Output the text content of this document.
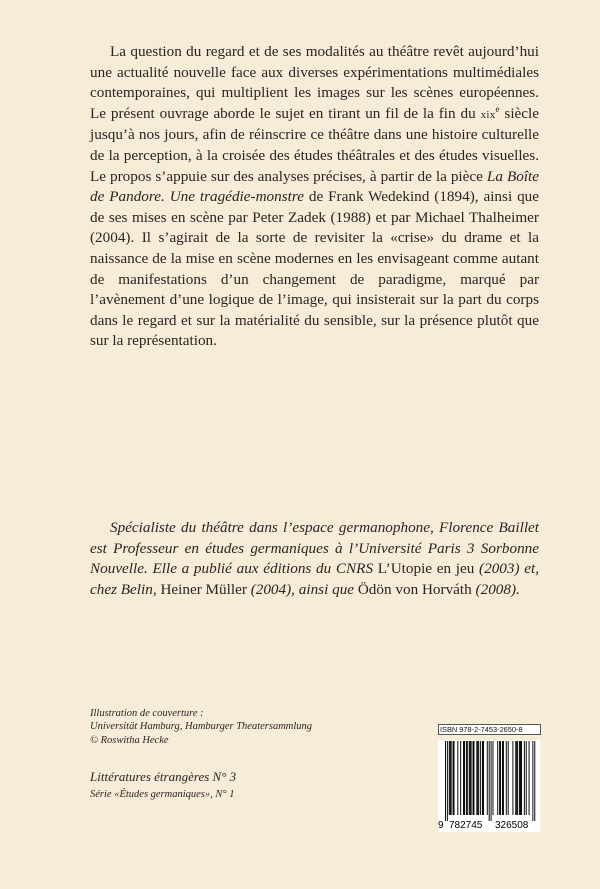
La question du regard et de ses modalités au théâtre revêt aujourd’hui une actualité nouvelle face aux diverses expérimentations multimédiales contemporaines, qui multiplient les images sur les scènes européennes. Le présent ouvrage aborde le sujet en tirant un fil de la fin du xix$^e$ siècle jusqu’à nos jours, afin de réinscrire ce théâtre dans une histoire culturelle de la perception, à la croisée des études théâtrales et des études visuelles. Le propos s’appuie sur des analyses précises, à partir de la pièce La Boîte de Pandore. Une tragédie-monstre de Frank Wedekind (1894), ainsi que de ses mises en scène par Peter Zadek (1988) et par Michael Thalheimer (2004). Il s’agirait de la sorte de revisiter la «crise» du drame et la naissance de la mise en scène modernes en les envisageant comme autant de manifestations d’un changement de paradigme, marqué par l’avènement d’une logique de l’image, qui insisterait sur la part du corps dans le regard et sur la matérialité du sensible, sur la présence plutôt que sur la représentation.

Spécialiste du théâtre dans l’espace germanophone, Florence Baillet est Professeur en études germaniques à l’Université Paris 3 Sorbonne Nouvelle. Elle a publié aux éditions du CNRS L’Utopie en jeu (2003) et, chez Belin, Heiner Müller (2004), ainsi que Ödön von Horváth (2008).

Illustration de couverture :
Universität Hamburg, Hamburger Theatersammlung
© Roswitha Hecke
Littératures étrangères N° 3
Série «Études germaniques», N° 1
ISBN 978-2-7453-2650-8
9 782745 326508
